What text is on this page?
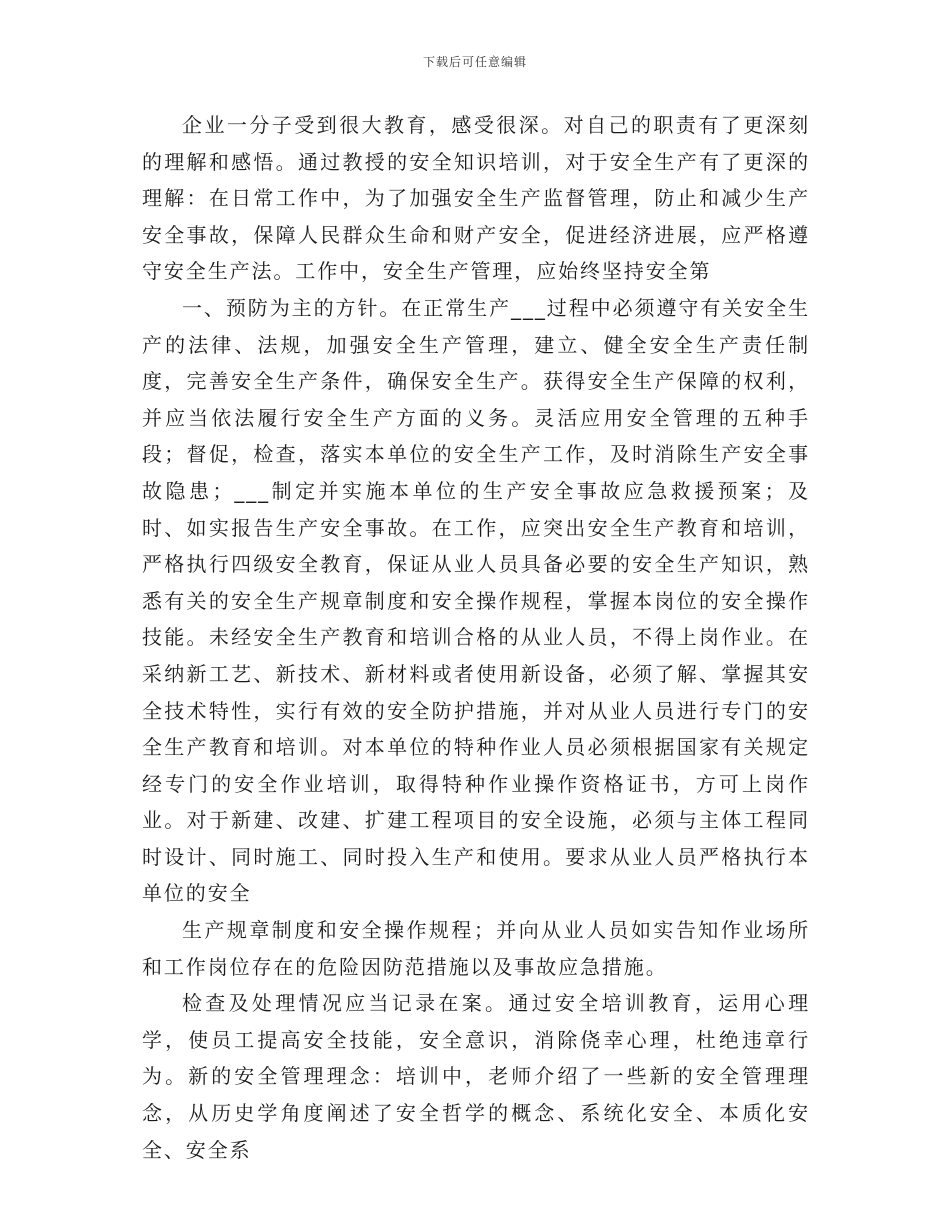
下载后可任意编辑

企业一分子受到很大教育，感受很深。对自己的职责有了更深刻的理解和感悟。通过教授的安全知识培训，对于安全生产有了更深的理解：在日常工作中，为了加强安全生产监督管理，防止和减少生产安全事故，保障人民群众生命和财产安全，促进经济进展，应严格遵守安全生产法。工作中，安全生产管理，应始终坚持安全第

一、预防为主的方针。在正常生产___过程中必须遵守有关安全生产的法律、法规，加强安全生产管理，建立、健全安全生产责任制度，完善安全生产条件，确保安全生产。获得安全生产保障的权利，并应当依法履行安全生产方面的义务。灵活应用安全管理的五种手段；督促，检查，落实本单位的安全生产工作，及时消除生产安全事故隐患；___制定并实施本单位的生产安全事故应急救援预案；及时、如实报告生产安全事故。在工作，应突出安全生产教育和培训，严格执行四级安全教育，保证从业人员具备必要的安全生产知识，熟悉有关的安全生产规章制度和安全操作规程，掌握本岗位的安全操作技能。未经安全生产教育和培训合格的从业人员，不得上岗作业。在采纳新工艺、新技术、新材料或者使用新设备，必须了解、掌握其安全技术特性，实行有效的安全防护措施，并对从业人员进行专门的安全生产教育和培训。对本单位的特种作业人员必须根据国家有关规定经专门的安全作业培训，取得特种作业操作资格证书，方可上岗作业。对于新建、改建、扩建工程项目的安全设施，必须与主体工程同时设计、同时施工、同时投入生产和使用。要求从业人员严格执行本单位的安全

生产规章制度和安全操作规程；并向从业人员如实告知作业场所和工作岗位存在的危险因防范措施以及事故应急措施。

检查及处理情况应当记录在案。通过安全培训教育，运用心理学，使员工提高安全技能，安全意识，消除侥幸心理，杜绝违章行为。新的安全管理理念：培训中，老师介绍了一些新的安全管理理念，从历史学角度阐述了安全哲学的概念、系统化安全、本质化安全、安全系
